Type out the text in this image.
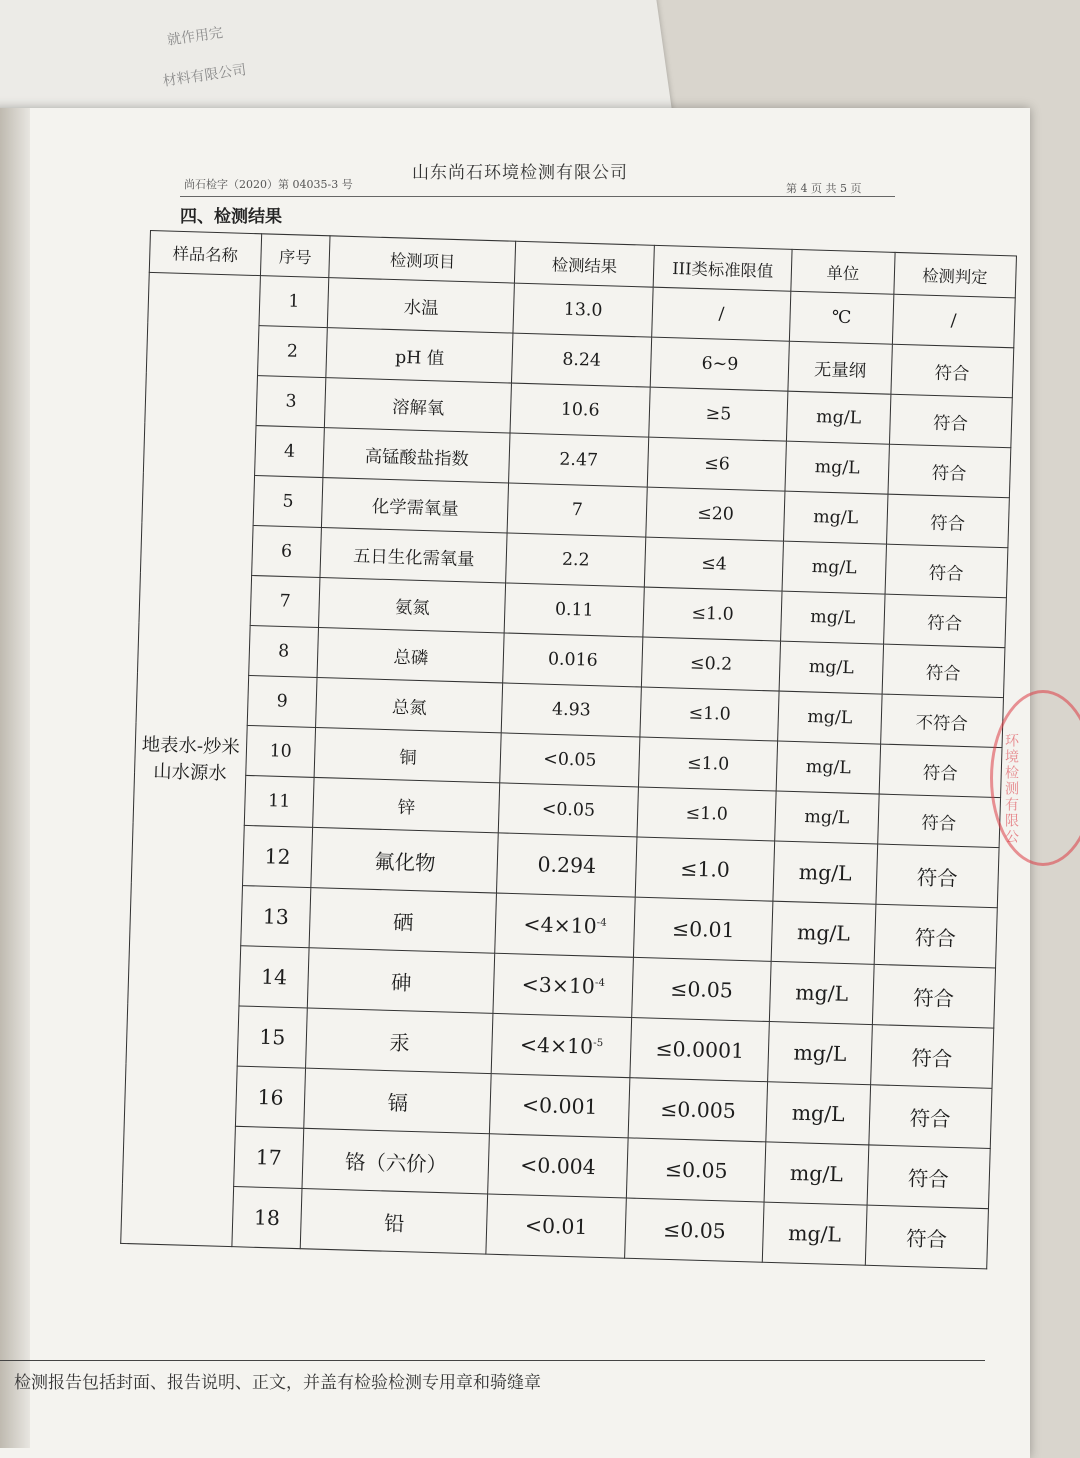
就作用完
材料有限公司
山东尚石环境检测有限公司
尚石检字（2020）第 04035-3 号	第 4 页 共 5 页
四、检测结果
样品名称	序号	检测项目	检测结果	III类标准限值	单位	检测判定
地表水-炒米山水源水	1	水温	13.0	/	℃	/
	2	pH 值	8.24	6~9	无量纲	符合
	3	溶解氧	10.6	≥5	mg/L	符合
	4	高锰酸盐指数	2.47	≤6	mg/L	符合
	5	化学需氧量	7	≤20	mg/L	符合
	6	五日生化需氧量	2.2	≤4	mg/L	符合
	7	氨氮	0.11	≤1.0	mg/L	符合
	8	总磷	0.016	≤0.2	mg/L	符合
	9	总氮	4.93	≤1.0	mg/L	不符合
	10	铜	<0.05	≤1.0	mg/L	符合
	11	锌	<0.05	≤1.0	mg/L	符合
	12	氟化物	0.294	≤1.0	mg/L	符合
	13	硒	$<4\times 10^{-4}$	≤0.01	mg/L	符合
	14	砷	$<3\times 10^{-4}$	≤0.05	mg/L	符合
	15	汞	$<4\times 10^{-5}$	≤0.0001	mg/L	符合
	16	镉	<0.001	≤0.005	mg/L	符合
	17	铬（六价）	<0.004	≤0.05	mg/L	符合
	18	铅	<0.01	≤0.05	mg/L	符合
环境检测有限公
检测报告包括封面、报告说明、正文，并盖有检验检测专用章和骑缝章
